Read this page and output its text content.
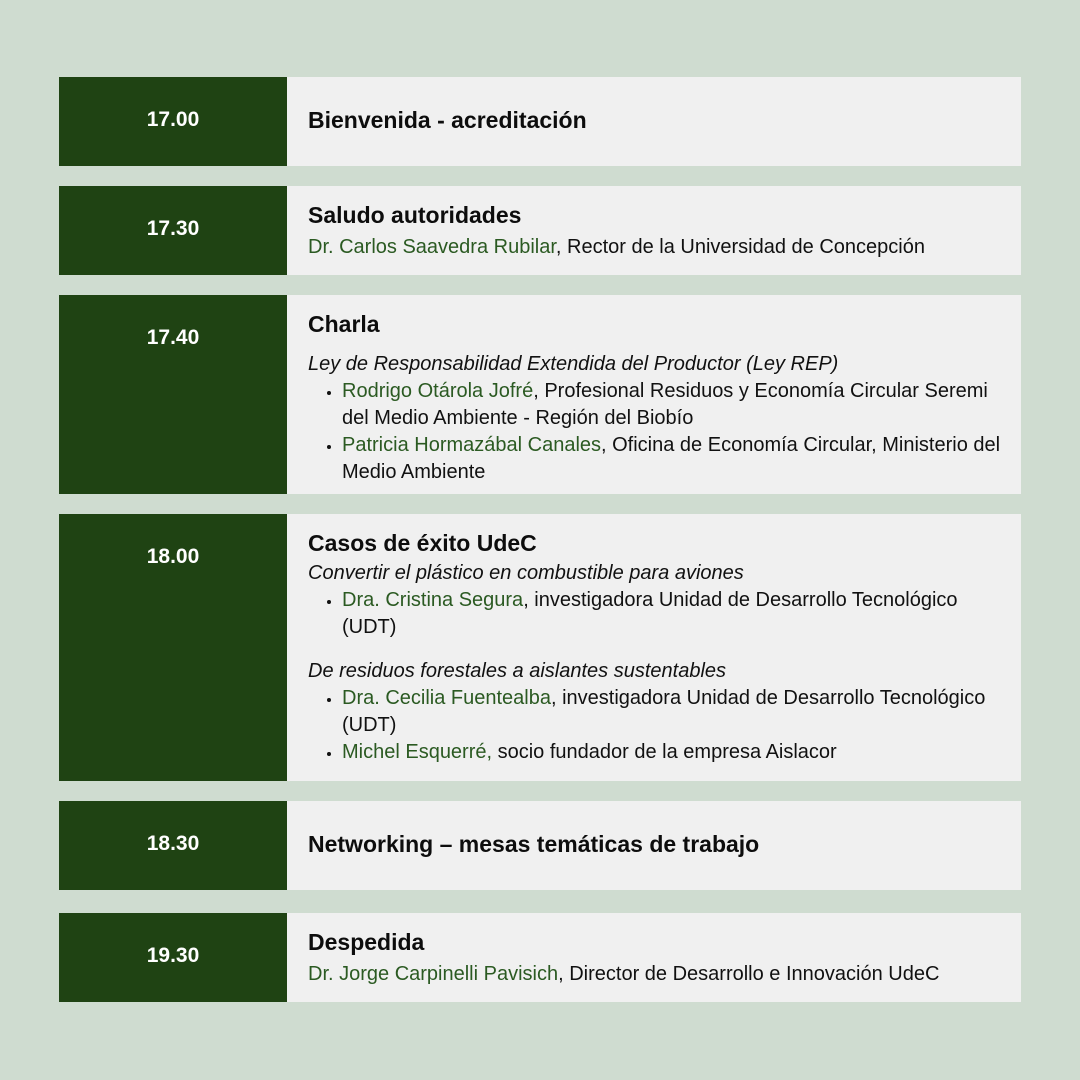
17.00	Bienvenida - acreditación
17.30
Saludo autoridades
Dr. Carlos Saavedra Rubilar, Rector de la Universidad de Concepción
17.40
Charla
Ley de Responsabilidad Extendida del Productor (Ley REP)
• Rodrigo Otárola Jofré, Profesional Residuos y Economía Circular Seremi del Medio Ambiente - Región del Biobío
• Patricia Hormazábal Canales, Oficina de Economía Circular, Ministerio del Medio Ambiente
18.00
Casos de éxito UdeC
Convertir el plástico en combustible para aviones
• Dra. Cristina Segura, investigadora Unidad de Desarrollo Tecnológico (UDT)
De residuos forestales a aislantes sustentables
• Dra. Cecilia Fuentealba, investigadora Unidad de Desarrollo Tecnológico (UDT)
• Michel Esquerré, socio fundador de la empresa Aislacor
18.30	Networking – mesas temáticas de trabajo
19.30
Despedida
Dr. Jorge Carpinelli Pavisich, Director de Desarrollo e Innovación UdeC
